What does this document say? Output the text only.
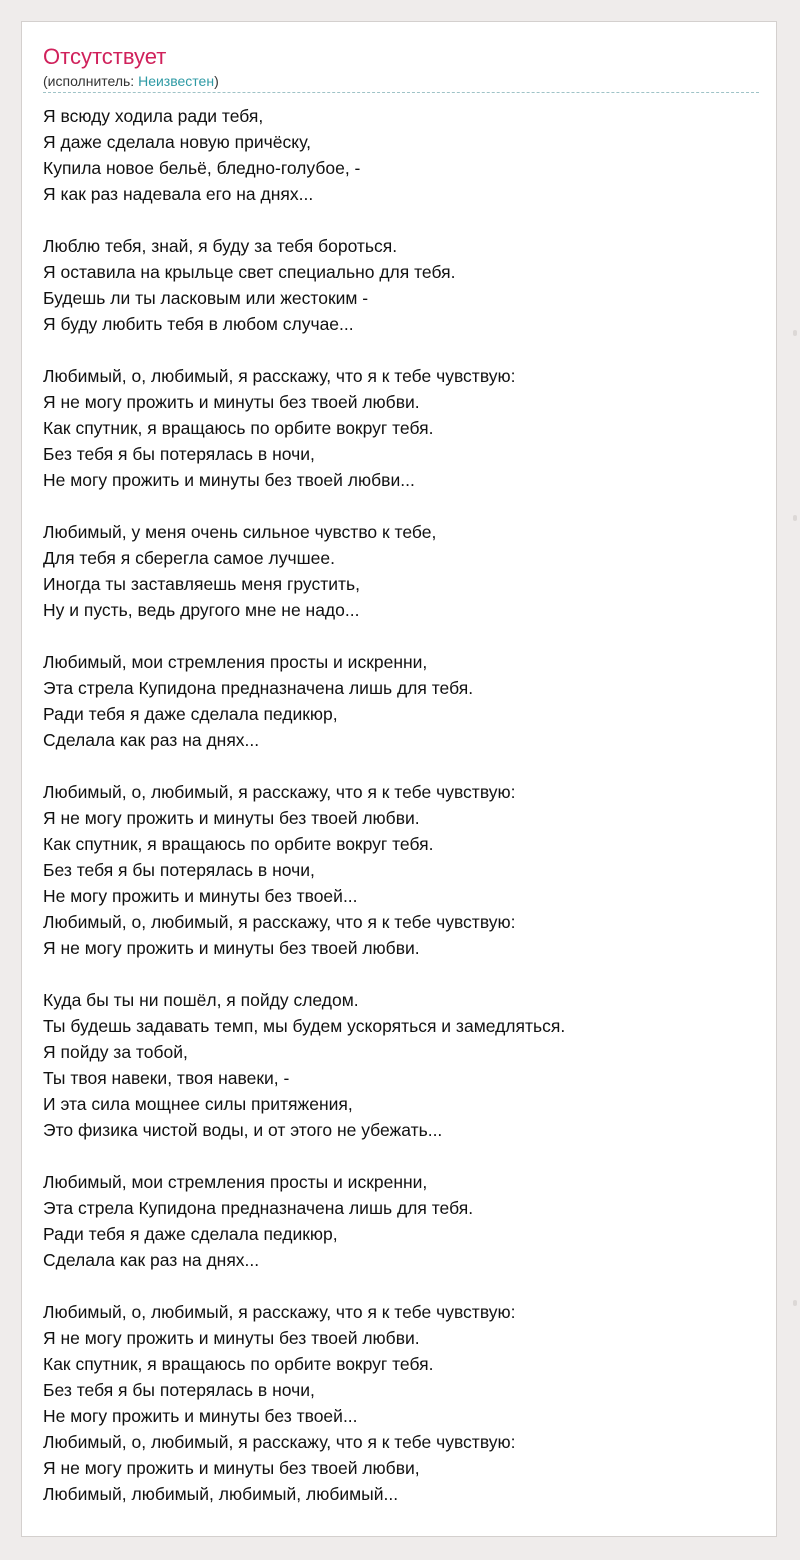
Отсутствует
(исполнитель: Неизвестен)
Я всюду ходила ради тебя,
Я даже сделала новую причёску,
Купила новое бельё, бледно-голубое, -
Я как раз надевала его на днях...
Люблю тебя, знай, я буду за тебя бороться.
Я оставила на крыльце свет специально для тебя.
Будешь ли ты ласковым или жестоким -
Я буду любить тебя в любом случае...
Любимый, о, любимый, я расскажу, что я к тебе чувствую:
Я не могу прожить и минуты без твоей любви.
Как спутник, я вращаюсь по орбите вокруг тебя.
Без тебя я бы потерялась в ночи,
Не могу прожить и минуты без твоей любви...
Любимый, у меня очень сильное чувство к тебе,
Для тебя я сберегла самое лучшее.
Иногда ты заставляешь меня грустить,
Ну и пусть, ведь другого мне не надо...
Любимый, мои стремления просты и искренни,
Эта стрела Купидона предназначена лишь для тебя.
Ради тебя я даже сделала педикюр,
Сделала как раз на днях...
Любимый, о, любимый, я расскажу, что я к тебе чувствую:
Я не могу прожить и минуты без твоей любви.
Как спутник, я вращаюсь по орбите вокруг тебя.
Без тебя я бы потерялась в ночи,
Не могу прожить и минуты без твоей...
Любимый, о, любимый, я расскажу, что я к тебе чувствую:
Я не могу прожить и минуты без твоей любви.
Куда бы ты ни пошёл, я пойду следом.
Ты будешь задавать темп, мы будем ускоряться и замедляться.
Я пойду за тобой,
Ты твоя навеки, твоя навеки, -
И эта сила мощнее силы притяжения,
Это физика чистой воды, и от этого не убежать...
Любимый, мои стремления просты и искренни,
Эта стрела Купидона предназначена лишь для тебя.
Ради тебя я даже сделала педикюр,
Сделала как раз на днях...
Любимый, о, любимый, я расскажу, что я к тебе чувствую:
Я не могу прожить и минуты без твоей любви.
Как спутник, я вращаюсь по орбите вокруг тебя.
Без тебя я бы потерялась в ночи,
Не могу прожить и минуты без твоей...
Любимый, о, любимый, я расскажу, что я к тебе чувствую:
Я не могу прожить и минуты без твоей любви,
Любимый, любимый, любимый, любимый...
